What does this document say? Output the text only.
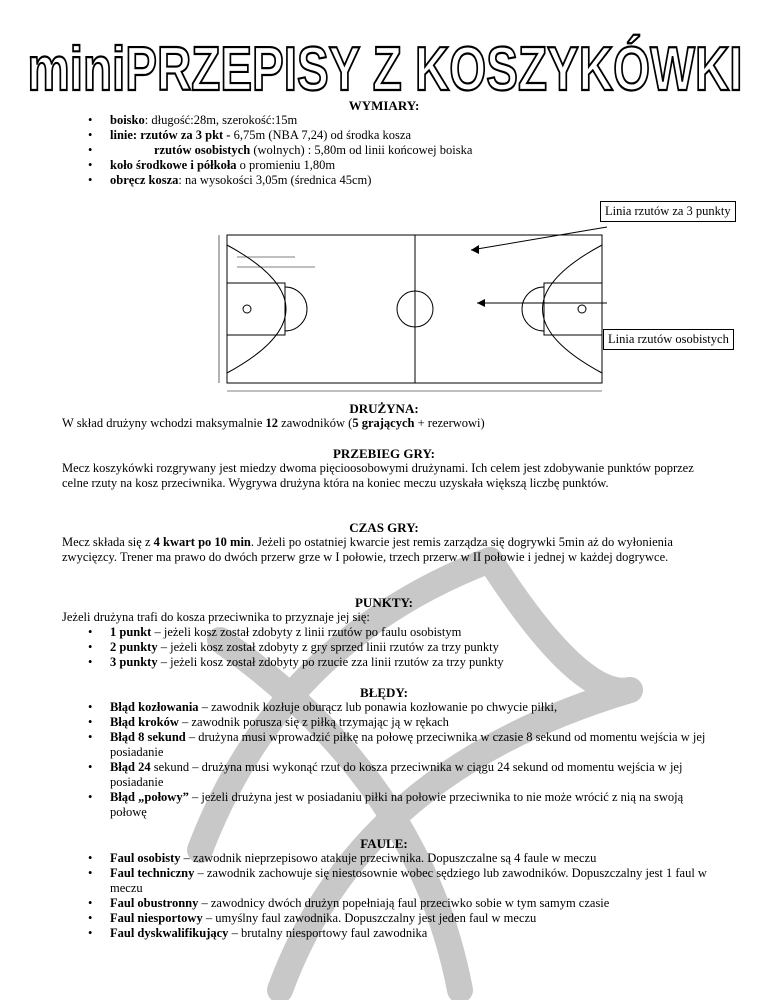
miniPRZEPISY Z KOSZYKÓWKI
WYMIARY:
• boisko: długość:28m, szerokość:15m
• linie: rzutów za 3 pkt - 6,75m (NBA 7,24) od środka kosza
• rzutów osobistych (wolnych) : 5,80m od linii końcowej boiska
• koło środkowe i półkoła o promieniu 1,80m
• obręcz kosza: na wysokości 3,05m (średnica 45cm)
Linia rzutów za 3 punkty
Linia rzutów osobistych
DRUŻYNA:
W skład drużyny wchodzi maksymalnie 12 zawodników (5 grających + rezerwowi)
PRZEBIEG GRY:
Mecz koszykówki rozgrywany jest miedzy dwoma pięcioosobowymi drużynami. Ich celem jest zdobywanie punktów poprzez celne rzuty na kosz przeciwnika. Wygrywa drużyna która na koniec meczu uzyskała większą liczbę punktów.
CZAS GRY:
Mecz składa się z 4 kwart po 10 min. Jeżeli po ostatniej kwarcie jest remis zarządza się dogrywki 5min aż do wyłonienia zwycięzcy. Trener ma prawo do dwóch przerw grze w I połowie, trzech przerw w II połowie i jednej w każdej dogrywce.
PUNKTY:
Jeżeli drużyna trafi do kosza przeciwnika to przyznaje jej się:
• 1 punkt – jeżeli kosz został zdobyty z linii rzutów po faulu osobistym
• 2 punkty – jeżeli kosz został zdobyty z gry sprzed linii rzutów za trzy punkty
• 3 punkty – jeżeli kosz został zdobyty po rzucie zza linii rzutów za trzy punkty
BŁĘDY:
• Błąd kozłowania – zawodnik kozłuje oburącz lub ponawia kozłowanie po chwycie piłki,
• Błąd kroków – zawodnik porusza się z piłką trzymając ją w rękach
• Błąd 8 sekund – drużyna musi wprowadzić piłkę na połowę przeciwnika w czasie 8 sekund od momentu wejścia w jej posiadanie
• Błąd 24 sekund – drużyna musi wykonąć rzut do kosza przeciwnika w ciągu 24 sekund od momentu wejścia w jej posiadanie
• Błąd „połowy” – jeżeli drużyna jest w posiadaniu piłki na połowie przeciwnika to nie może wrócić z nią na swoją połowę
FAULE:
• Faul osobisty – zawodnik nieprzepisowo atakuje przeciwnika. Dopuszczalne są 4 faule w meczu
• Faul techniczny – zawodnik zachowuje się niestosownie wobec sędziego lub zawodników. Dopuszczalny jest 1 faul w meczu
• Faul obustronny – zawodnicy dwóch drużyn popełniają faul przeciwko sobie w tym samym czasie
• Faul niesportowy – umyślny faul zawodnika. Dopuszczalny jest jeden faul w meczu
• Faul dyskwalifikujący – brutalny niesportowy faul zawodnika
